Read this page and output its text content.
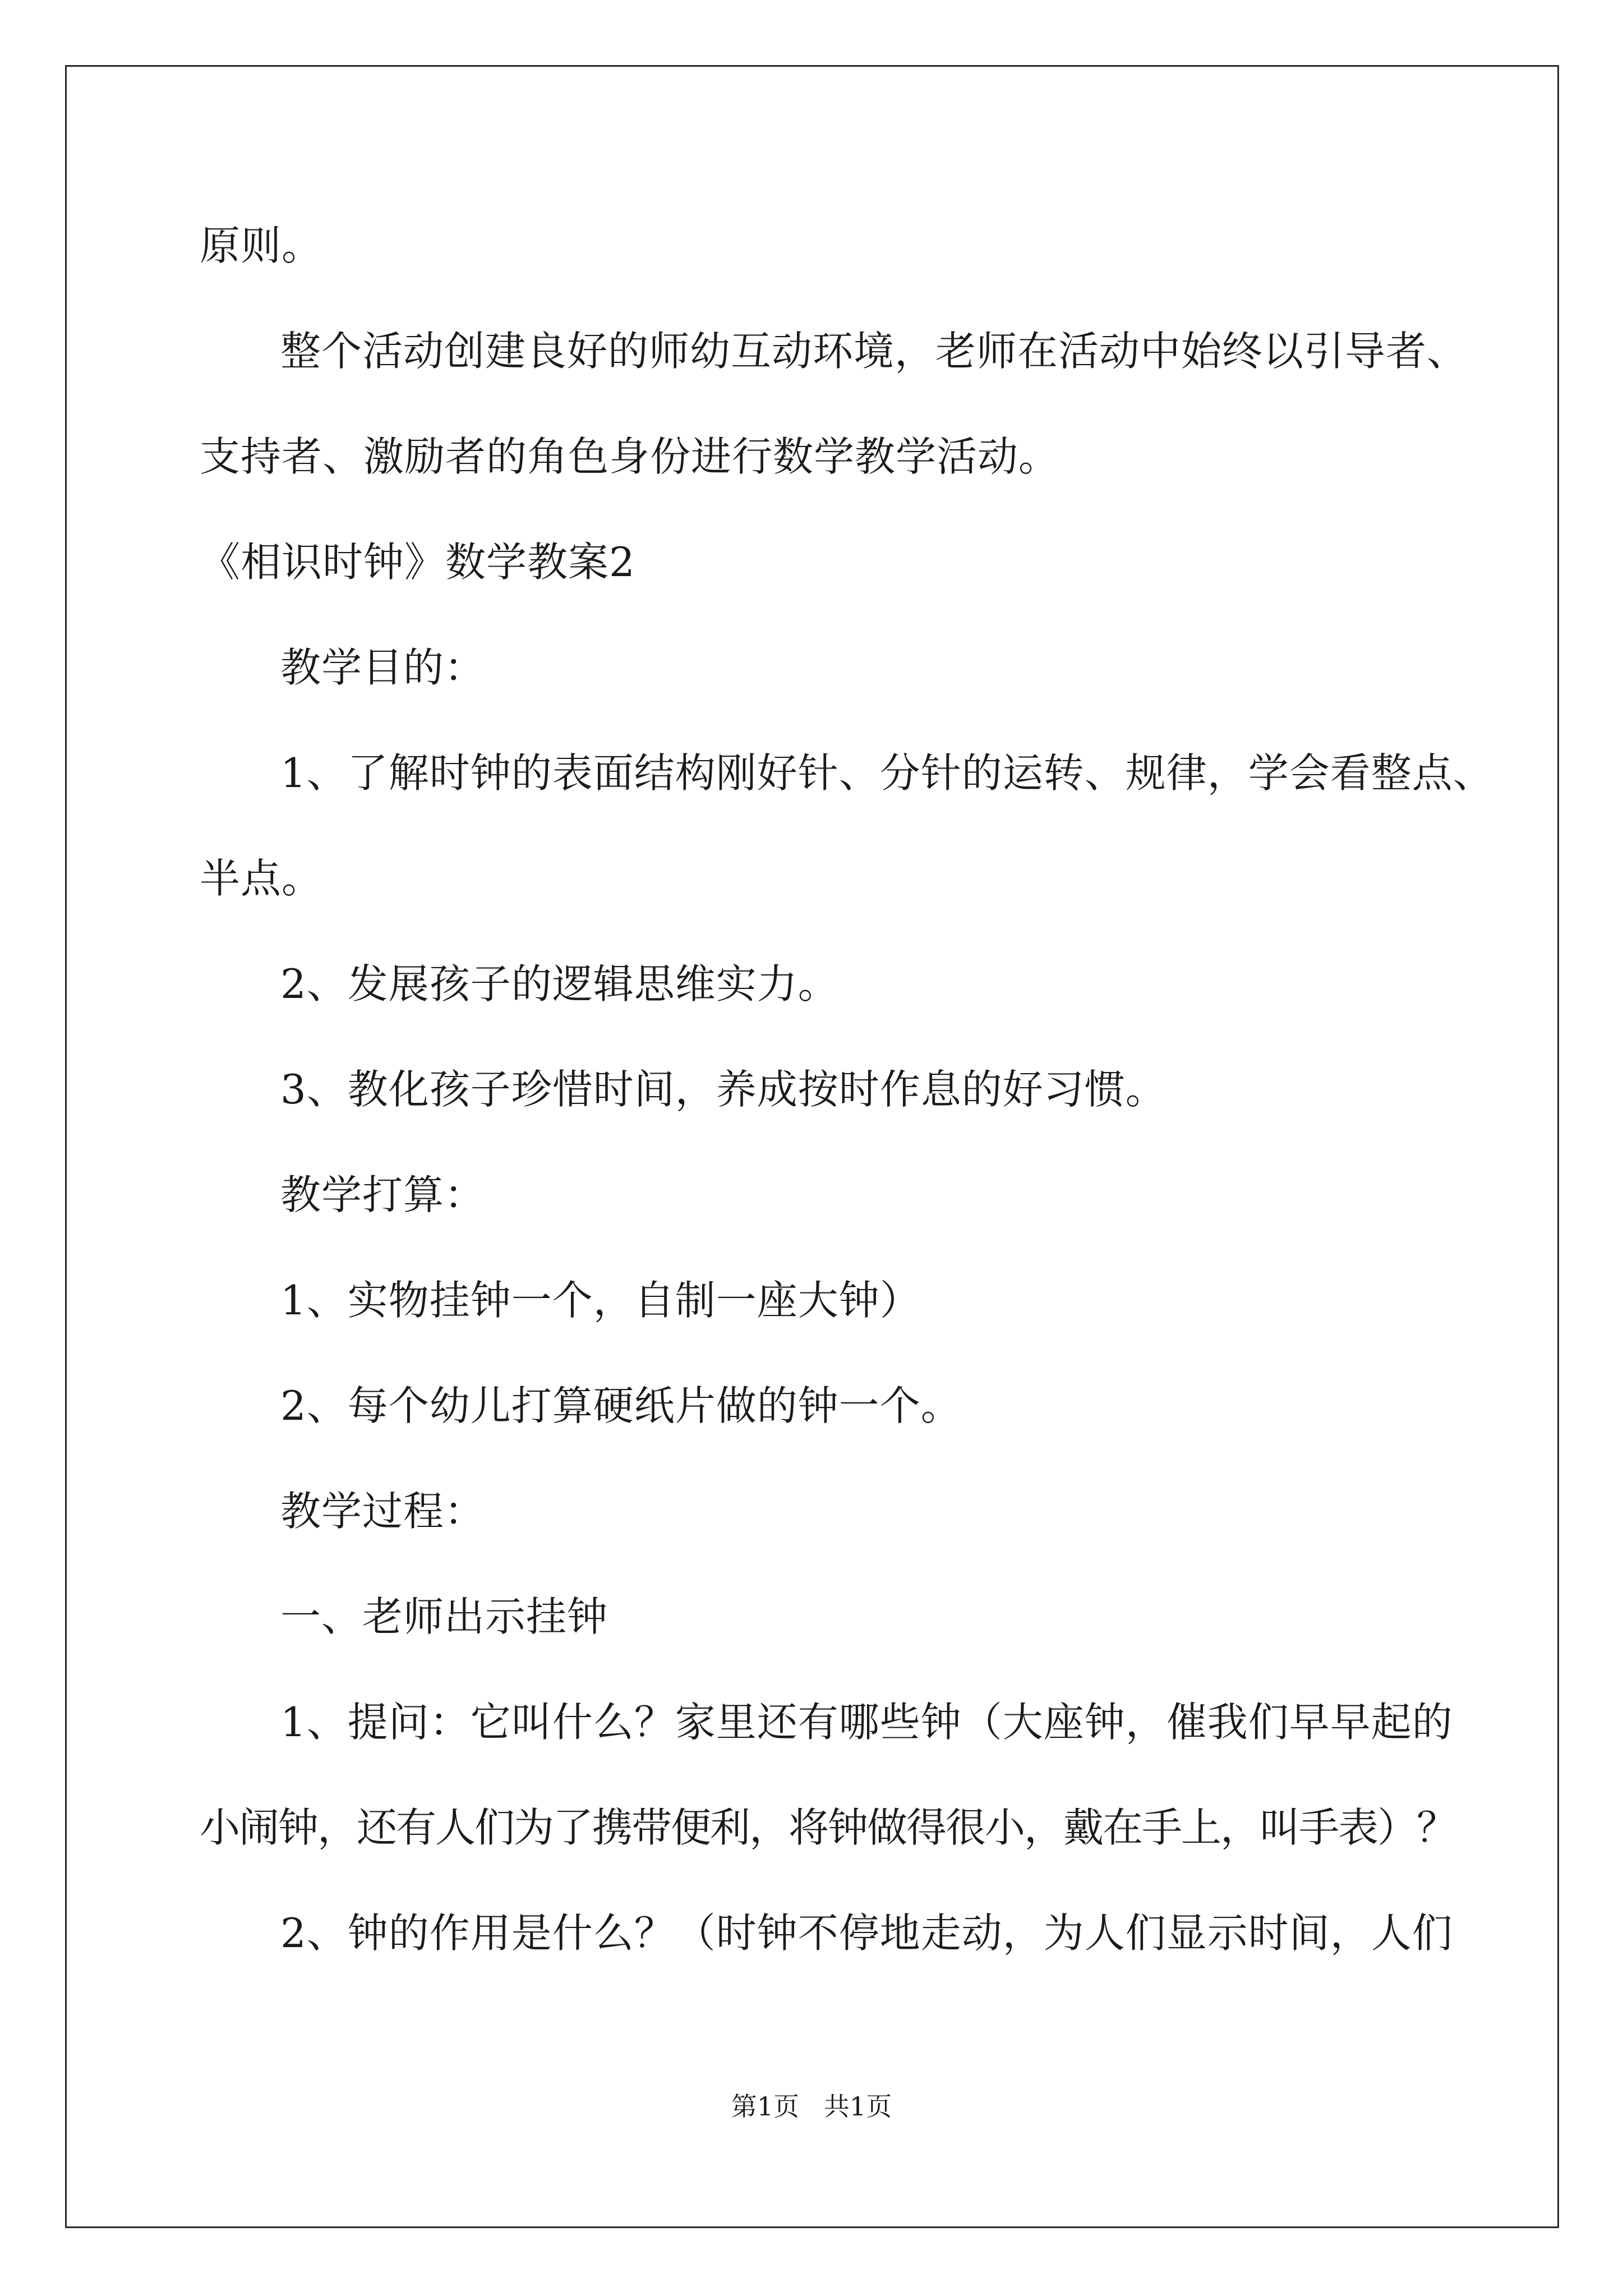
原则。

整个活动创建良好的师幼互动环境，老师在活动中始终以引导者、

支持者、激励者的角色身份进行数学教学活动。

《相识时钟》数学教案2

教学目的：

1、了解时钟的表面结构刚好针、分针的运转、规律，学会看整点、

半点。

2、发展孩子的逻辑思维实力。

3、教化孩子珍惜时间，养成按时作息的好习惯。

教学打算：

1、实物挂钟一个，自制一座大钟）

2、每个幼儿打算硬纸片做的钟一个。

教学过程：

一、老师出示挂钟

1、提问：它叫什么？家里还有哪些钟（大座钟，催我们早早起的

小闹钟，还有人们为了携带便利，将钟做得很小，戴在手上，叫手表）？

2、钟的作用是什么？（时钟不停地走动，为人们显示时间，人们

第1页   共1页
